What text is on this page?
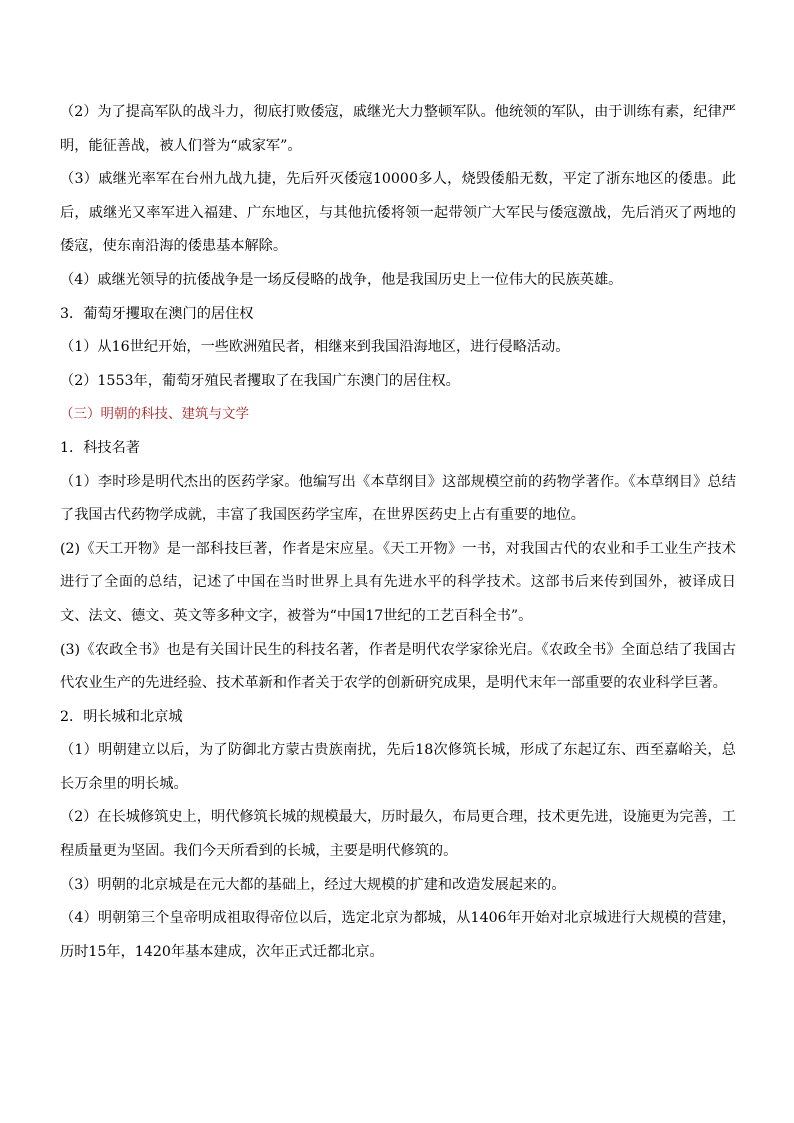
（2）为了提高军队的战斗力，彻底打败倭寇，戚继光大力整顿军队。他统领的军队，由于训练有素，纪律严明，能征善战，被人们誉为“戚家军”。

（3）戚继光率军在台州九战九捷，先后歼灭倭寇10000多人，烧毁倭船无数，平定了浙东地区的倭患。此后，戚继光又率军进入福建、广东地区，与其他抗倭将领一起带领广大军民与倭寇激战，先后消灭了两地的倭寇，使东南沿海的倭患基本解除。

（4）戚继光领导的抗倭战争是一场反侵略的战争，他是我国历史上一位伟大的民族英雄。

3．葡萄牙攫取在澳门的居住权

（1）从16世纪开始，一些欧洲殖民者，相继来到我国沿海地区，进行侵略活动。

（2）1553年，葡萄牙殖民者攫取了在我国广东澳门的居住权。

（三）明朝的科技、建筑与文学

1．科技名著

（1）李时珍是明代杰出的医药学家。他编写出《本草纲目》这部规模空前的药物学著作。《本草纲目》总结了我国古代药物学成就，丰富了我国医药学宝库，在世界医药史上占有重要的地位。

(2)《天工开物》是一部科技巨著，作者是宋应星。《天工开物》一书，对我国古代的农业和手工业生产技术进行了全面的总结，记述了中国在当时世界上具有先进水平的科学技术。这部书后来传到国外，被译成日文、法文、德文、英文等多种文字，被誉为“中国17世纪的工艺百科全书”。

(3)《农政全书》也是有关国计民生的科技名著，作者是明代农学家徐光启。《农政全书》全面总结了我国古代农业生产的先进经验、技术革新和作者关于农学的创新研究成果，是明代末年一部重要的农业科学巨著。

2．明长城和北京城

（1）明朝建立以后，为了防御北方蒙古贵族南扰，先后18次修筑长城，形成了东起辽东、西至嘉峪关，总长万余里的明长城。

（2）在长城修筑史上，明代修筑长城的规模最大，历时最久，布局更合理，技术更先进，设施更为完善，工程质量更为坚固。我们今天所看到的长城，主要是明代修筑的。

（3）明朝的北京城是在元大都的基础上，经过大规模的扩建和改造发展起来的。

（4）明朝第三个皇帝明成祖取得帝位以后，选定北京为都城，从1406年开始对北京城进行大规模的营建，历时15年，1420年基本建成，次年正式迁都北京。
